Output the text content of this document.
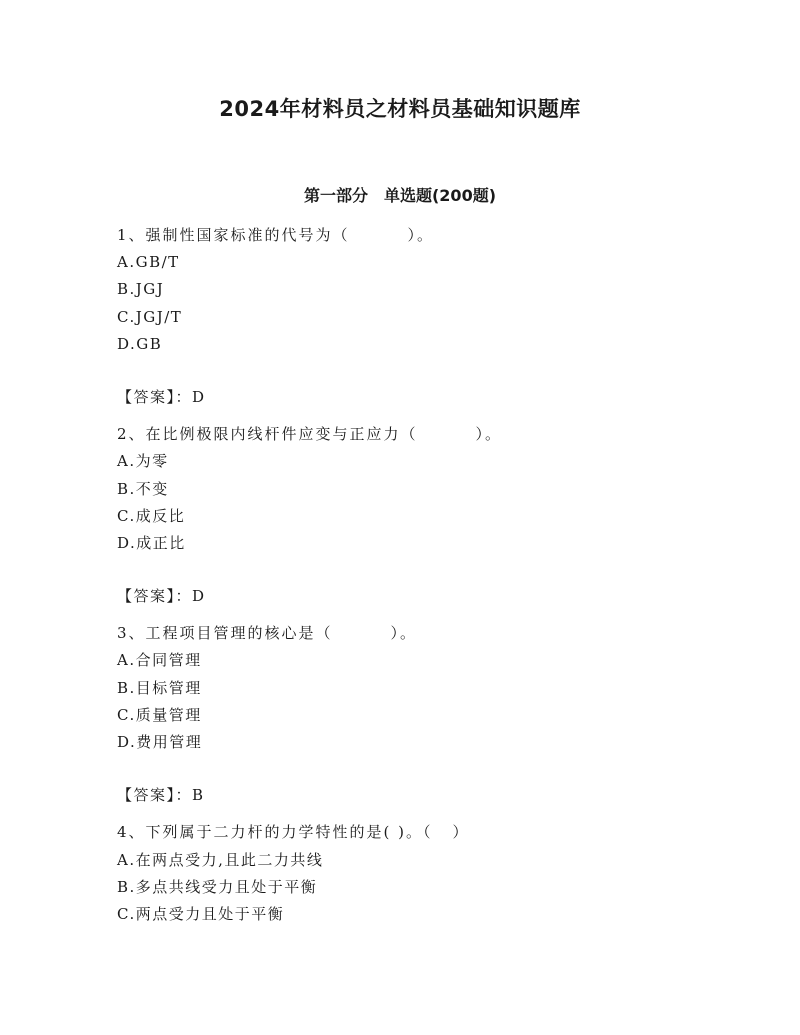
2024年材料员之材料员基础知识题库
第一部分　单选题(200题)
1、强制性国家标准的代号为（	）。
A.GB/T
B.JGJ
C.JGJ/T
D.GB
【答案】：D
2、在比例极限内线杆件应变与正应力（	）。
A.为零
B.不变
C.成反比
D.成正比
【答案】：D
3、工程项目管理的核心是（	）。
A.合同管理
B.目标管理
C.质量管理
D.费用管理
【答案】：B
4、下列属于二力杆的力学特性的是( )。（ ）
A.在两点受力,且此二力共线
B.多点共线受力且处于平衡
C.两点受力且处于平衡
